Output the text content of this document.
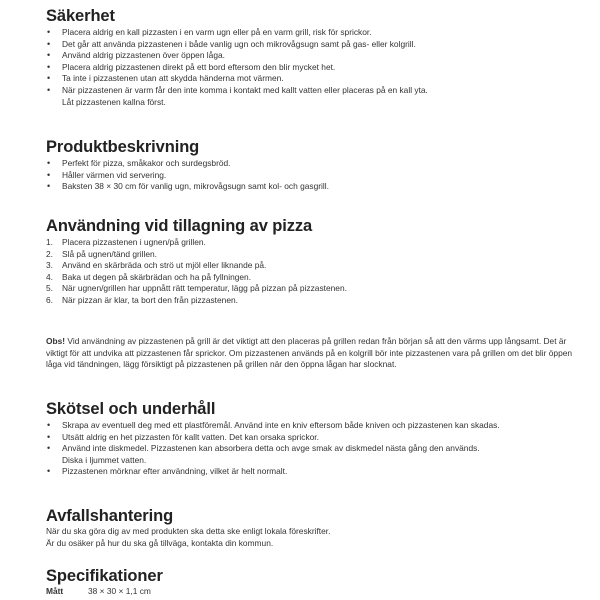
Säkerhet
• Placera aldrig en kall pizzasten i en varm ugn eller på en varm grill, risk för sprickor.
• Det går att använda pizzastenen i både vanlig ugn och mikrovågsugn samt på gas- eller kolgrill.
• Använd aldrig pizzastenen över öppen låga.
• Placera aldrig pizzastenen direkt på ett bord eftersom den blir mycket het.
• Ta inte i pizzastenen utan att skydda händerna mot värmen.
• När pizzastenen är varm får den inte komma i kontakt med kallt vatten eller placeras på en kall yta.
Låt pizzastenen kallna först.
Produktbeskrivning
• Perfekt för pizza, småkakor och surdegsbröd.
• Håller värmen vid servering.
• Baksten 38 × 30 cm för vanlig ugn, mikrovågsugn samt kol- och gasgrill.
Användning vid tillagning av pizza
1. Placera pizzastenen i ugnen/på grillen.
2. Slå på ugnen/tänd grillen.
3. Använd en skärbräda och strö ut mjöl eller liknande på.
4. Baka ut degen på skärbrädan och ha på fyllningen.
5. När ugnen/grillen har uppnått rätt temperatur, lägg på pizzan på pizzastenen.
6. När pizzan är klar, ta bort den från pizzastenen.

Obs! Vid användning av pizzastenen på grill är det viktigt att den placeras på grillen redan från början så att den värms upp långsamt. Det är viktigt för att undvika att pizzastenen får sprickor. Om pizzastenen används på en kolgrill bör inte pizzastenen vara på grillen om det blir öppen låga vid tändningen, lägg försiktigt på pizzastenen på grillen när den öppna lågan har slocknat.

Skötsel och underhåll
• Skrapa av eventuell deg med ett plastföremål. Använd inte en kniv eftersom både kniven och pizzastenen kan skadas.
• Utsätt aldrig en het pizzasten för kallt vatten. Det kan orsaka sprickor.
• Använd inte diskmedel. Pizzastenen kan absorbera detta och avge smak av diskmedel nästa gång den används.
Diska i ljummet vatten.
• Pizzastenen mörknar efter användning, vilket är helt normalt.
Avfallshantering

När du ska göra dig av med produkten ska detta ske enligt lokala föreskrifter.

Är du osäker på hur du ska gå tillväga, kontakta din kommun.

Specifikationer
Mått	38 × 30 × 1,1 cm
